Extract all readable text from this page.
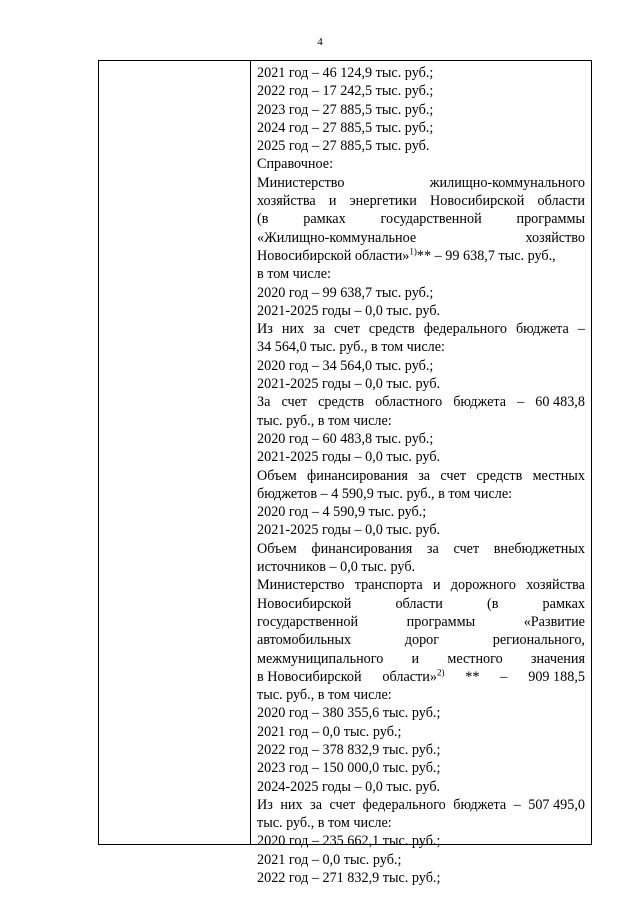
4
2021 год – 46 124,9 тыс. руб.;
2022 год – 17 242,5 тыс. руб.;
2023 год – 27 885,5 тыс. руб.;
2024 год – 27 885,5 тыс. руб.;
2025 год – 27 885,5 тыс. руб.
Справочное:
Министерство	жилищно-коммунального
хозяйства и энергетики Новосибирской области
(в рамках государственной программы
«Жилищно-коммунальное	хозяйство
Новосибирской области»$^{1)}$** – 99 638,7 тыс. руб.,
в том числе:
2020 год – 99 638,7 тыс. руб.;
2021-2025 годы – 0,0 тыс. руб.
Из них за счет средств федерального бюджета –
34 564,0 тыс. руб., в том числе:
2020 год – 34 564,0 тыс. руб.;
2021-2025 годы – 0,0 тыс. руб.
За счет средств областного бюджета – 60 483,8
тыс. руб., в том числе:
2020 год – 60 483,8 тыс. руб.;
2021-2025 годы – 0,0 тыс. руб.
Объем финансирования за счет средств местных
бюджетов – 4 590,9 тыс. руб., в том числе:
2020 год – 4 590,9 тыс. руб.;
2021-2025 годы – 0,0 тыс. руб.
Объем финансирования за счет внебюджетных
источников – 0,0 тыс. руб.
Министерство транспорта и дорожного хозяйства
Новосибирской	области	(в	рамках
государственной	программы	«Развитие
автомобильных	дорог	регионального,
межмуниципального и местного значения
в Новосибирской области»$^{2)}$ ** – 909 188,5
тыс. руб., в том числе:
2020 год – 380 355,6 тыс. руб.;
2021 год – 0,0 тыс. руб.;
2022 год – 378 832,9 тыс. руб.;
2023 год – 150 000,0 тыс. руб.;
2024-2025 годы – 0,0 тыс. руб.
Из них за счет федерального бюджета – 507 495,0
тыс. руб., в том числе:
2020 год – 235 662,1 тыс. руб.;
2021 год – 0,0 тыс. руб.;
2022 год – 271 832,9 тыс. руб.;
